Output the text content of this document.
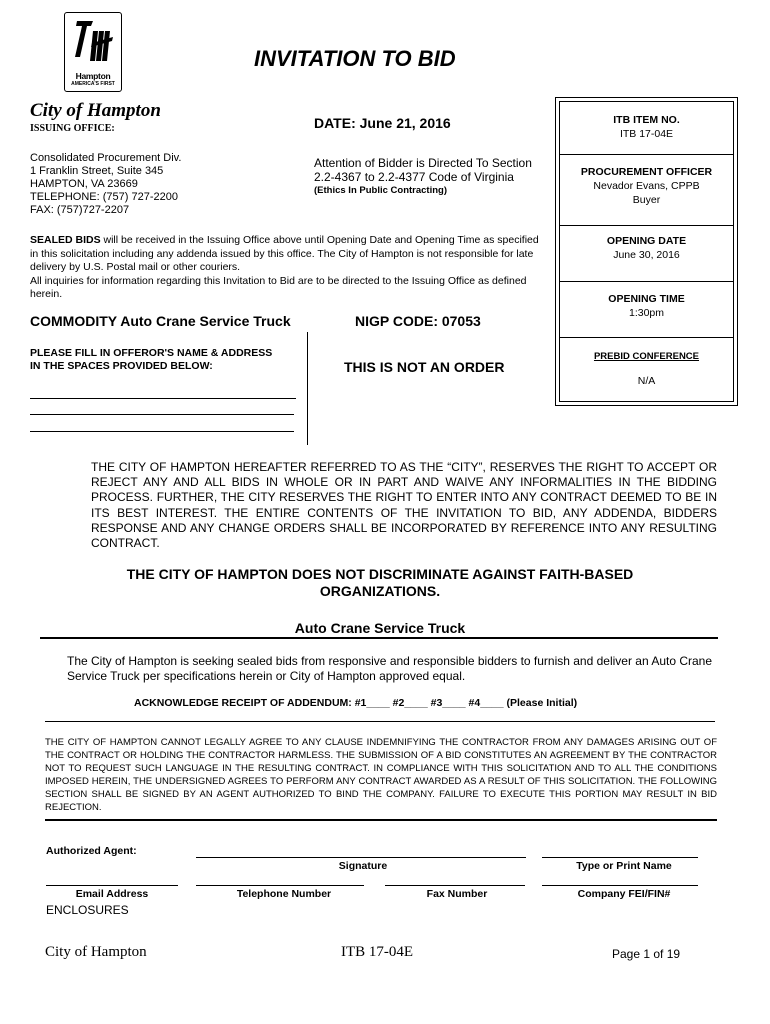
Hampton
AMERICA'S FIRST
INVITATION TO BID
City of Hampton
ISSUING OFFICE:	DATE: June 21, 2016
Consolidated Procurement Div.
1 Franklin Street, Suite 345
HAMPTON, VA 23669
TELEPHONE: (757) 727-2200
FAX: (757)727-2207
Attention of Bidder is Directed To Section
2.2-4367 to 2.2-4377 Code of Virginia
(Ethics In Public Contracting)
ITB ITEM NO.
ITB 17-04E
PROCUREMENT OFFICER
Nevador Evans, CPPB
Buyer
OPENING DATE
June 30, 2016
OPENING TIME
1:30pm
PREBID CONFERENCE
N/A
SEALED BIDS will be received in the Issuing Office above until Opening Date and Opening Time as specified in this solicitation including any addenda issued by this office. The City of Hampton is not responsible for late delivery by U.S. Postal mail or other couriers.
All inquiries for information regarding this Invitation to Bid are to be directed to the Issuing Office as defined herein.
COMMODITY Auto Crane Service Truck	NIGP CODE: 07053
PLEASE FILL IN OFFEROR'S NAME & ADDRESS
IN THE SPACES PROVIDED BELOW:	THIS IS NOT AN ORDER
THE CITY OF HAMPTON HEREAFTER REFERRED TO AS THE “CITY”, RESERVES THE RIGHT TO ACCEPT OR REJECT ANY AND ALL BIDS IN WHOLE OR IN PART AND WAIVE ANY INFORMALITIES IN THE BIDDING PROCESS. FURTHER, THE CITY RESERVES THE RIGHT TO ENTER INTO ANY CONTRACT DEEMED TO BE IN ITS BEST INTEREST. THE ENTIRE CONTENTS OF THE INVITATION TO BID, ANY ADDENDA, BIDDERS RESPONSE AND ANY CHANGE ORDERS SHALL BE INCORPORATED BY REFERENCE INTO ANY RESULTING CONTRACT.
THE CITY OF HAMPTON DOES NOT DISCRIMINATE AGAINST FAITH-BASED ORGANIZATIONS.
Auto Crane Service Truck
The City of Hampton is seeking sealed bids from responsive and responsible bidders to furnish and deliver an Auto Crane Service Truck per specifications herein or City of Hampton approved equal.
ACKNOWLEDGE RECEIPT OF ADDENDUM: #1____ #2____ #3____ #4____ (Please Initial)
THE CITY OF HAMPTON CANNOT LEGALLY AGREE TO ANY CLAUSE INDEMNIFYING THE CONTRACTOR FROM ANY DAMAGES ARISING OUT OF THE CONTRACT OR HOLDING THE CONTRACTOR HARMLESS. THE SUBMISSION OF A BID CONSTITUTES AN AGREEMENT BY THE CONTRACTOR NOT TO REQUEST SUCH LANGUAGE IN THE RESULTING CONTRACT. IN COMPLIANCE WITH THIS SOLICITATION AND TO ALL THE CONDITIONS IMPOSED HEREIN, THE UNDERSIGNED AGREES TO PERFORM ANY CONTRACT AWARDED AS A RESULT OF THIS SOLICITATION. THE FOLLOWING SECTION SHALL BE SIGNED BY AN AGENT AUTHORIZED TO BIND THE COMPANY. FAILURE TO EXECUTE THIS PORTION MAY RESULT IN BID REJECTION.
Authorized Agent:
Signature	Type or Print Name
Email Address	Telephone Number	Fax Number	Company FEI/FIN#
ENCLOSURES
City of Hampton	ITB 17-04E	Page 1 of 19
